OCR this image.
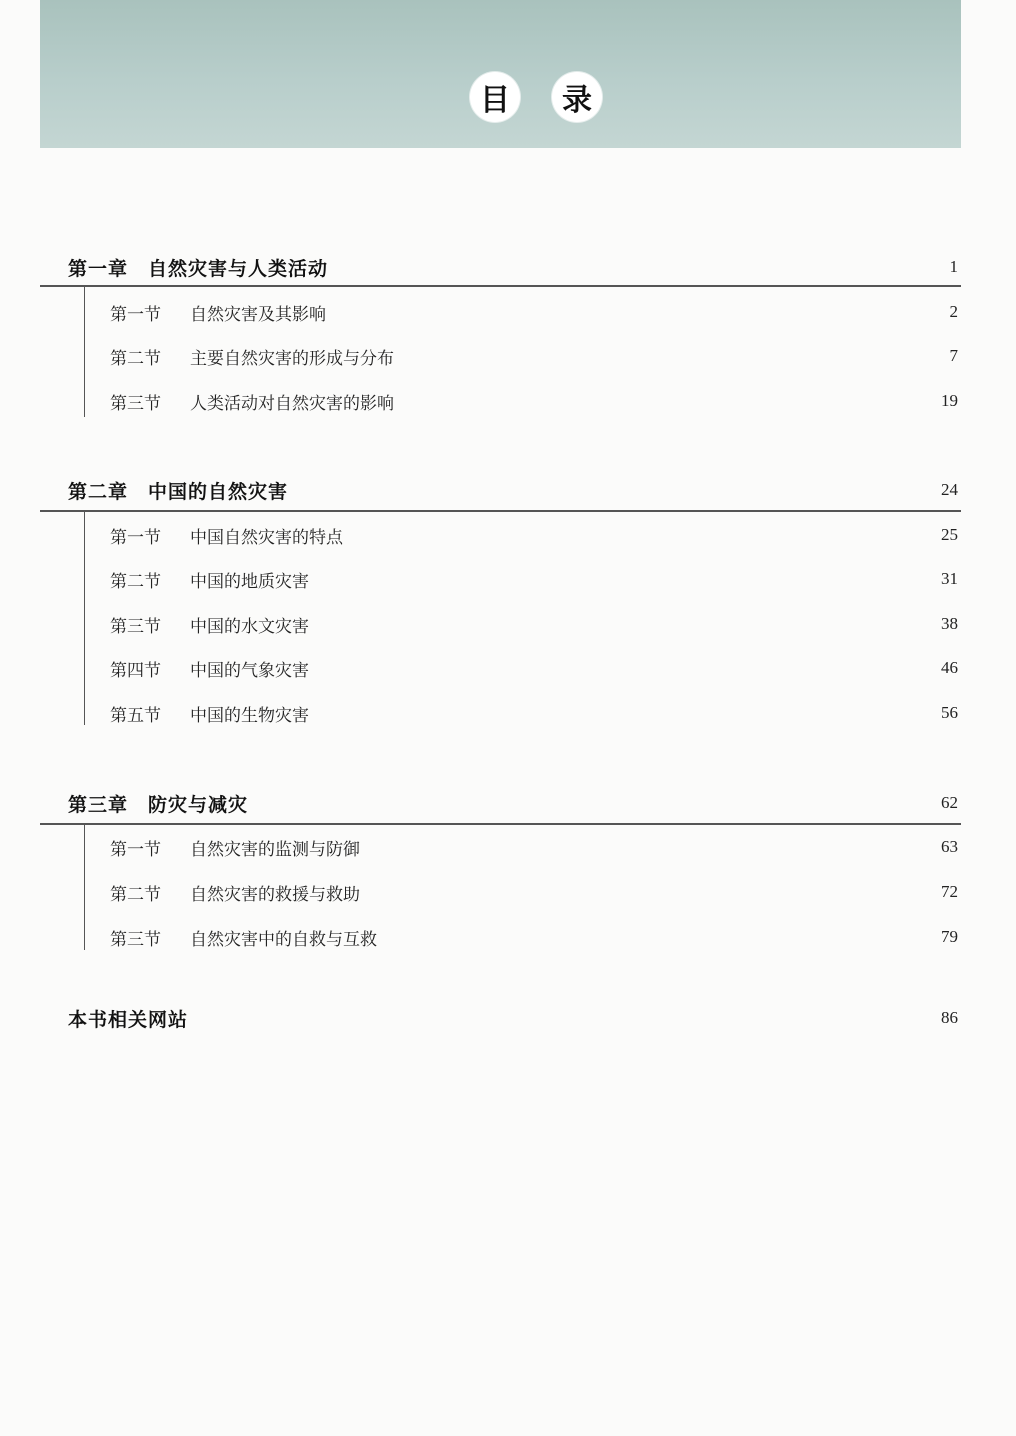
目	录
第一章　自然灾害与人类活动	1
第一节 自然灾害及其影响	2
第二节 主要自然灾害的形成与分布	7
第三节 人类活动对自然灾害的影响	19
第二章　中国的自然灾害	24
第一节 中国自然灾害的特点	25
第二节 中国的地质灾害	31
第三节 中国的水文灾害	38
第四节 中国的气象灾害	46
第五节 中国的生物灾害	56
第三章　防灾与减灾	62
第一节 自然灾害的监测与防御	63
第二节 自然灾害的救援与救助	72
第三节 自然灾害中的自救与互救	79
本书相关网站	86
